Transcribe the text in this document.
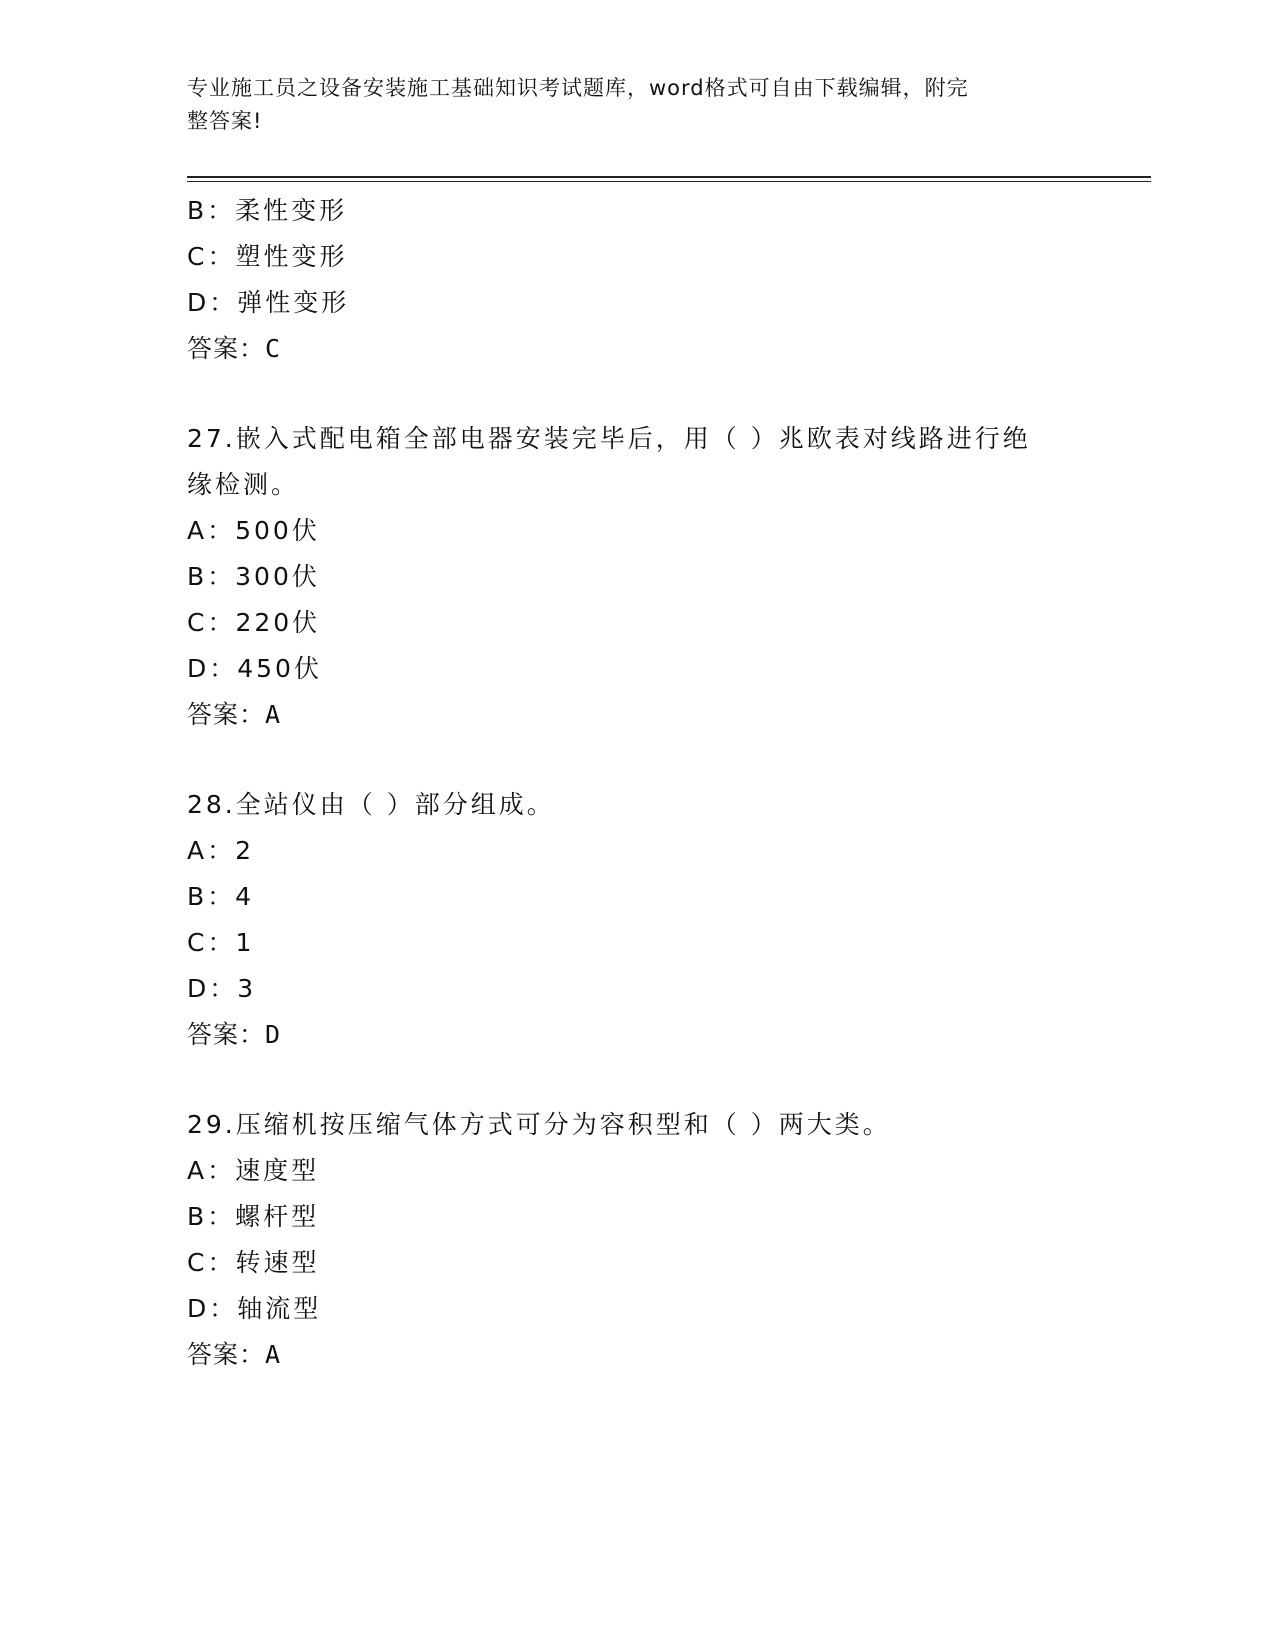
专业施工员之设备安装施工基础知识考试题库，word格式可自由下载编辑，附完
整答案!
B：柔性变形
C：塑性变形
D：弹性变形
答案：C
27.嵌入式配电箱全部电器安装完毕后，用（ ）兆欧表对线路进行绝
缘检测。
A：500伏
B：300伏
C：220伏
D：450伏
答案：A
28.全站仪由（ ）部分组成。
A：2
B：4
C：1
D：3
答案：D
29.压缩机按压缩气体方式可分为容积型和（ ）两大类。
A：速度型
B：螺杆型
C：转速型
D：轴流型
答案：A
